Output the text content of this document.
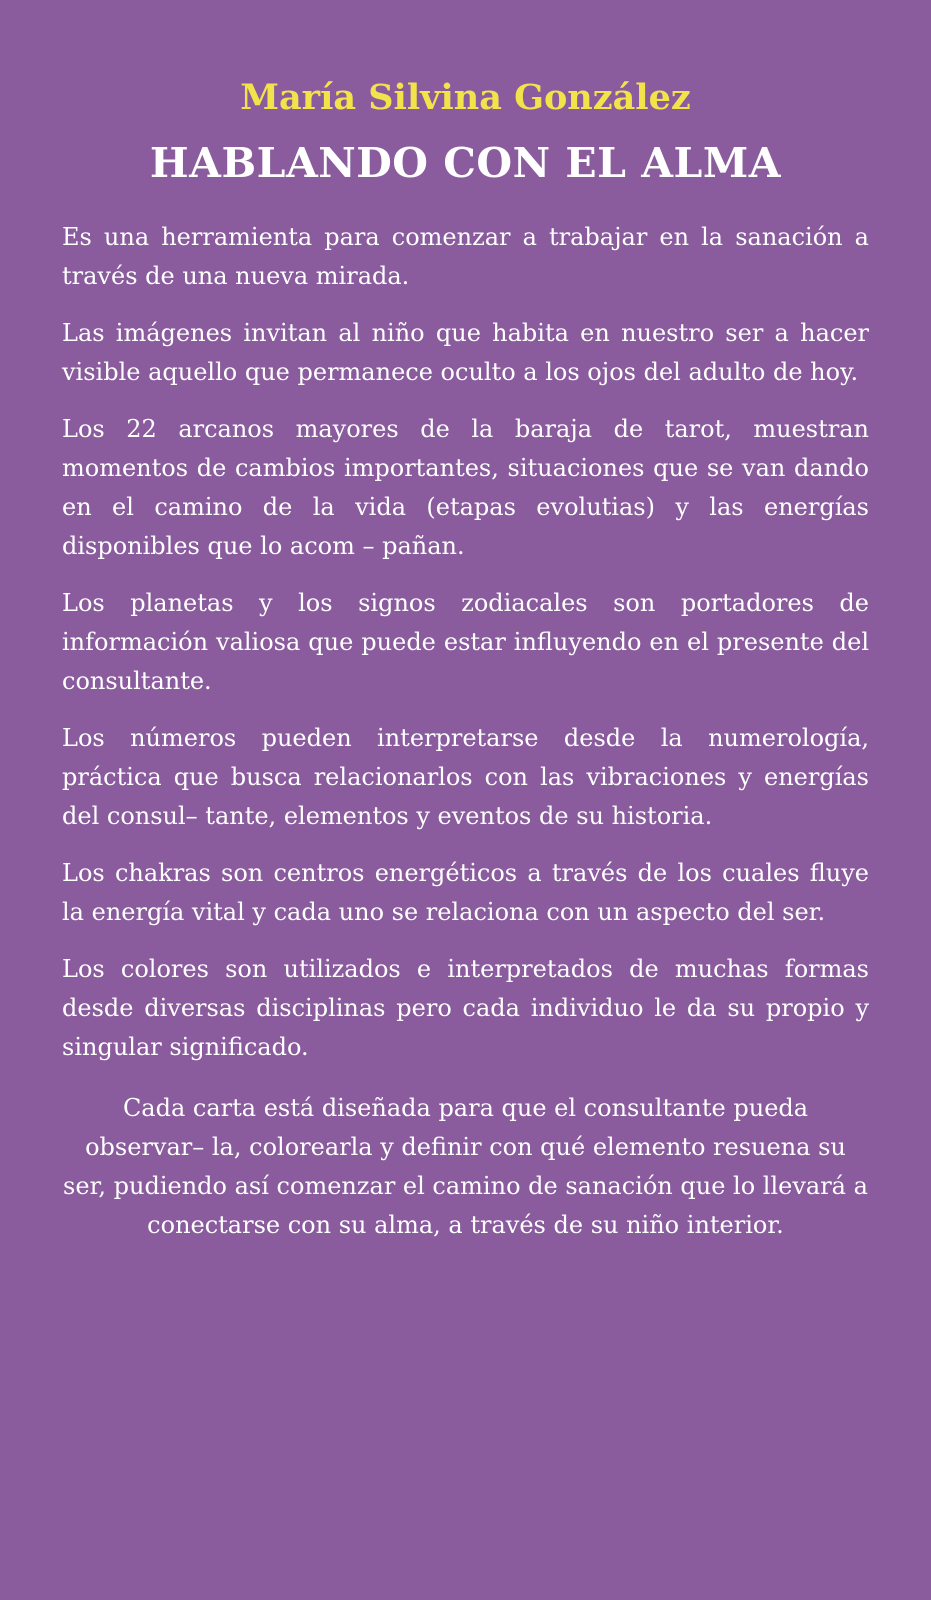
María Silvina González
HABLANDO CON EL ALMA

Es una herramienta para comenzar a trabajar en la sanación a través de una nueva mirada.

Las imágenes invitan al niño que habita en nuestro ser a hacer visible aquello que permanece oculto a los ojos del adulto de hoy.

Los 22 arcanos mayores de la baraja de tarot, muestran momentos de cambios importantes, situaciones que se van dando en el camino de la vida (etapas evolutias) y las energías disponibles que lo acom – pañan.

Los planetas y los signos zodiacales son portadores de información valiosa que puede estar influyendo en el presente del consultante.

Los números pueden interpretarse desde la numerología, práctica que busca relacionarlos con las vibraciones y energías del consul– tante, elementos y eventos de su historia.

Los chakras son centros energéticos a través de los cuales fluye la energía vital y cada uno se relaciona con un aspecto del ser.

Los colores son utilizados e interpretados de muchas formas desde diversas disciplinas pero cada individuo le da su propio y singular significado.

Cada carta está diseñada para que el consultante pueda observar– la, colorearla y definir con qué elemento resuena su ser, pudiendo así comenzar el camino de sanación que lo llevará a conectarse con su alma, a través de su niño interior.
